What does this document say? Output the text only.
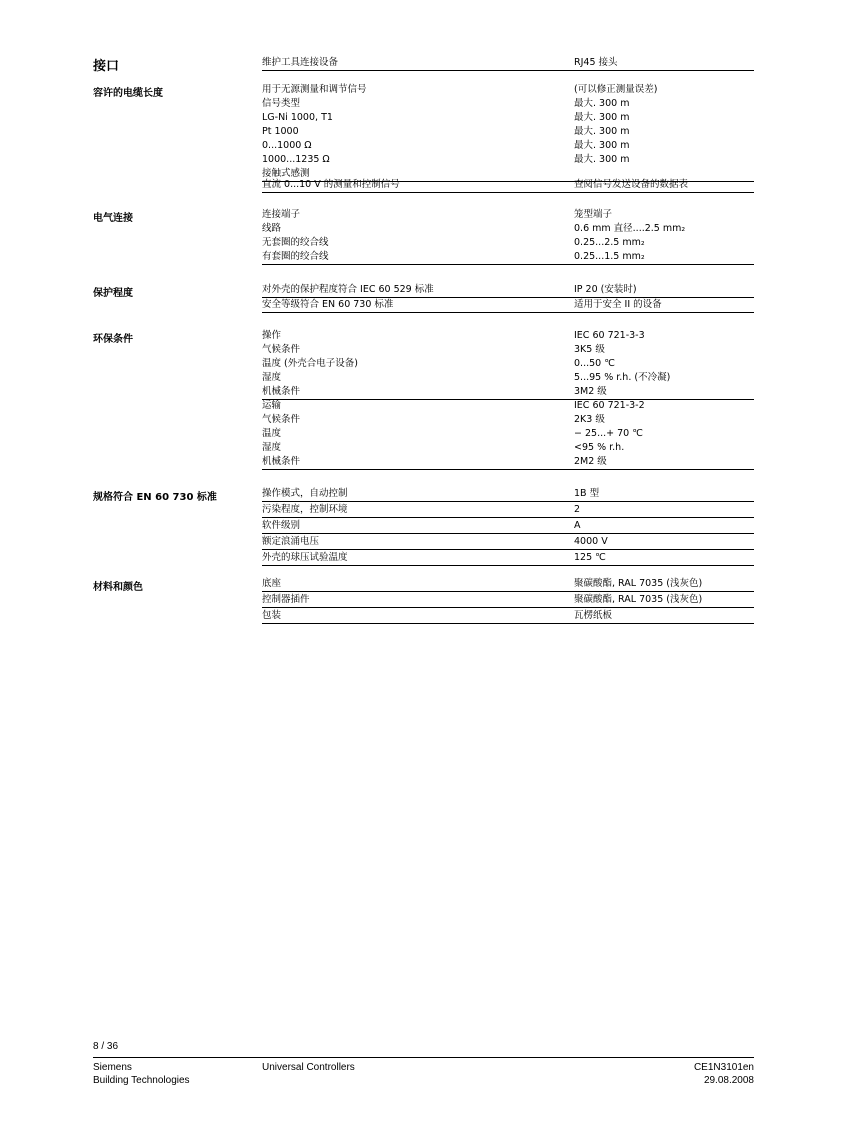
接口	维护工具连接设备	RJ45 接头
容许的电缆长度	用于无源测量和调节信号	(可以修正测量误差)
信号类型	最大. 300 m
LG-Ni 1000, T1	最大. 300 m
Pt 1000	最大. 300 m
0...1000 Ω	最大. 300 m
1000...1235 Ω	最大. 300 m
接触式感测
直流 0...10 V 的测量和控制信号	查阅信号发送设备的数据表
电气连接	连接端子	笼型端子
线路	0.6 mm 直径....2.5 mm₂
无套圈的绞合线	0.25...2.5 mm₂
有套圈的绞合线	0.25...1.5 mm₂
保护程度	对外壳的保护程度符合 IEC 60 529 标准	IP 20 (安装时)
安全等级符合 EN 60 730 标准	适用于安全 II 的设备
环保条件	操作	IEC 60 721-3-3
气候条件	3K5 级
温度 (外壳合电子设备)	0...50 ℃
湿度	5...95 % r.h. (不冷凝)
机械条件	3M2 级
运输	IEC 60 721-3-2
气候条件	2K3 级
温度	− 25...+ 70 ℃
湿度	<95 % r.h.
机械条件	2M2 级
规格符合 EN 60 730 标准	操作模式，自动控制	1B 型
污染程度，控制环境	2
软件级别	A
额定浪涌电压	4000 V
外壳的球压试验温度	125 ℃
材料和颜色	底座	聚碳酸酯, RAL 7035 (浅灰色)
控制器插件	聚碳酸酯, RAL 7035 (浅灰色)
包装	瓦楞纸板
8 / 36
Siemens
Building Technologies
Universal Controllers	CE1N3101en
29.08.2008
